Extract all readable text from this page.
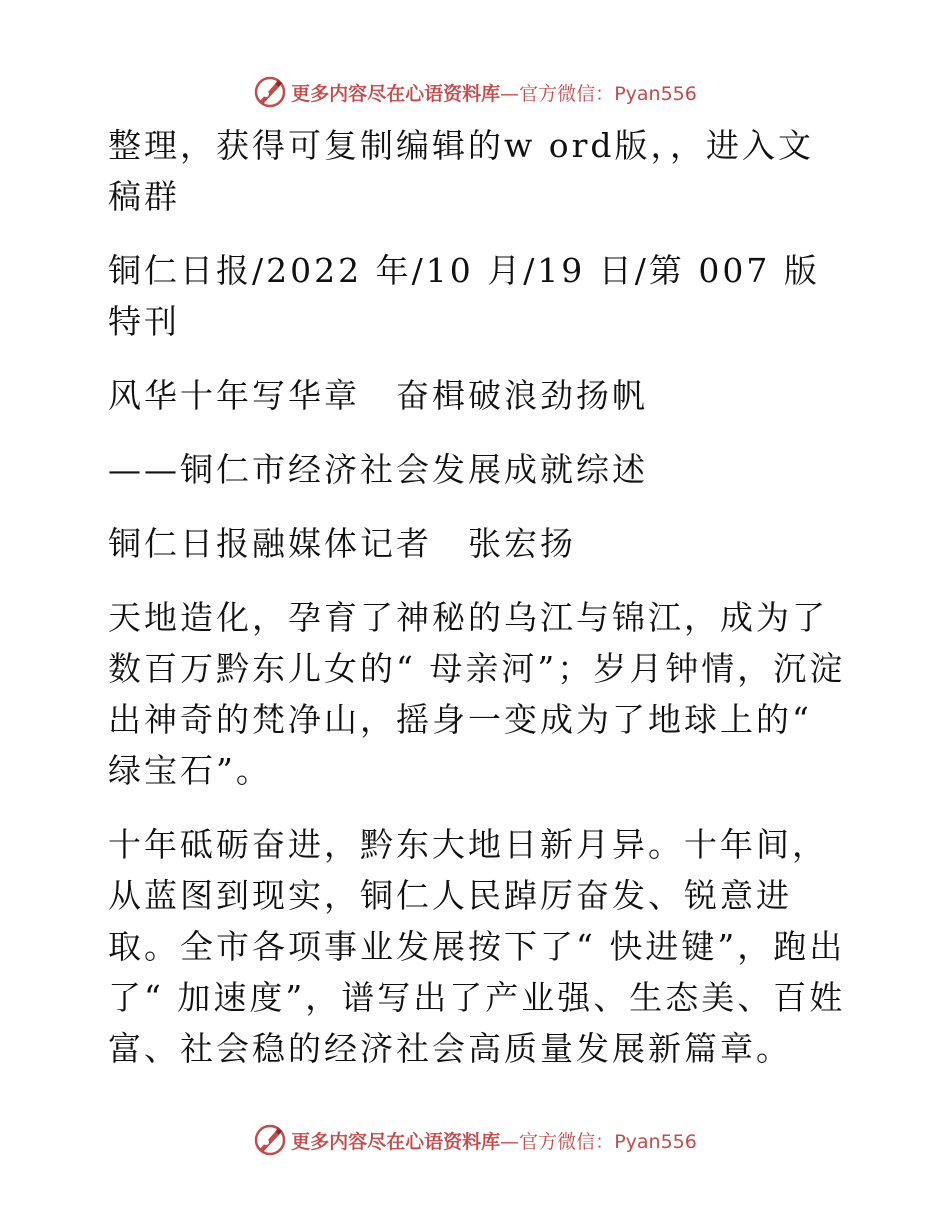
更多内容尽在心语资料库—官方微信：Pyan556

整理，获得可复制编辑的w ord版，，进入文稿群

铜仁日报/2022 年/10 月/19 日/第 007 版特刊

风华十年写华章　奋楫破浪劲扬帆

——铜仁市经济社会发展成就综述

铜仁日报融媒体记者　张宏扬

天地造化，孕育了神秘的乌江与锦江，成为了数百万黔东儿女的“ 母亲河”；岁月钟情，沉淀出神奇的梵净山，摇身一变成为了地球上的“ 绿宝石”。

十年砥砺奋进，黔东大地日新月异。十年间，从蓝图到现实，铜仁人民踔厉奋发、锐意进取。全市各项事业发展按下了“ 快进键”，跑出了“ 加速度”，谱写出了产业强、生态美、百姓富、社会稳的经济社会高质量发展新篇章。

更多内容尽在心语资料库—官方微信：Pyan556
